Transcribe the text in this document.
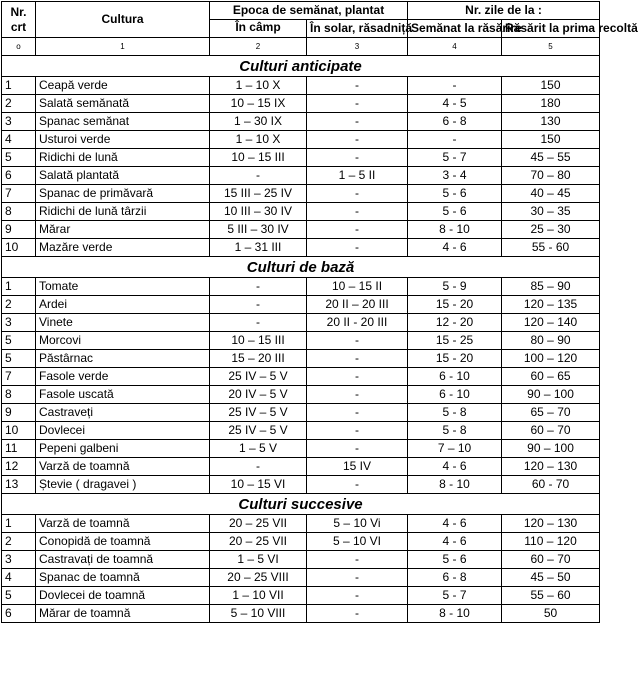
Nr.
crt	Cultura	Epoca de semănat, plantat		Nr. zile de la :	
		În câmp	În solar, răsadniță	Semănat la răsărire	Răsărit la prima recoltă
o	1	2	3	4	5
Culturi anticipate					
1	Ceapă verde	1 – 10 X	-	-	150
2	Salată semănată	10 – 15 IX	-	4 - 5	180
3	Spanac semănat	1 – 30 IX	-	6 - 8	130
4	Usturoi verde	1 – 10 X	-	-	150
5	Ridichi de lună	10 – 15 III	-	5 - 7	45 – 55
6	Salată plantată	-	1 – 5 II	3 - 4	70 – 80
7	Spanac de primăvară	15 III – 25 IV	-	5 - 6	40 – 45
8	Ridichi de lună târzii	10 III – 30 IV	-	5 - 6	30 – 35
9	Mărar	5 III – 30 IV	-	8 - 10	25 – 30
10	Mazăre verde	1 – 31 III	-	4 - 6	55 - 60
Culturi de bază					
1	Tomate	-	10 – 15 II	5 - 9	85 – 90
2	Ardei	-	20 II – 20 III	15 - 20	120 – 135
3	Vinete	-	20 II - 20 III	12 - 20	120 – 140
5	Morcovi	10 – 15 III	-	15 - 25	80 – 90
5	Păstârnac	15 – 20 III	-	15 - 20	100 – 120
7	Fasole verde	25 IV – 5 V	-	6 - 10	60 – 65
8	Fasole uscată	20 IV – 5 V	-	6 - 10	90 – 100
9	Castraveți	25 IV – 5 V	-	5 - 8	65 – 70
10	Dovlecei	25 IV – 5 V	-	5 - 8	60 – 70
11	Pepeni galbeni	1 – 5 V	-	7 – 10	90 – 100
12	Varză de toamnă	-	15 IV	4 - 6	120 – 130
13	Ștevie ( dragavei )	10 – 15 VI	-	8 - 10	60 - 70
Culturi succesive					
1	Varză de toamnă	20 – 25 VII	5 – 10 Vi	4 - 6	120 – 130
2	Conopidă de toamnă	20 – 25 VII	5 – 10 VI	4 - 6	110 – 120
3	Castravați de toamnă	1 – 5 VI	-	5 - 6	60 – 70
4	Spanac de toamnă	20 – 25 VIII	-	6 - 8	45 – 50
5	Dovlecei de toamnă	1 – 10 VII	-	5 - 7	55 – 60
6	Mărar de toamnă	5 – 10 VIII	-	8 - 10	50
